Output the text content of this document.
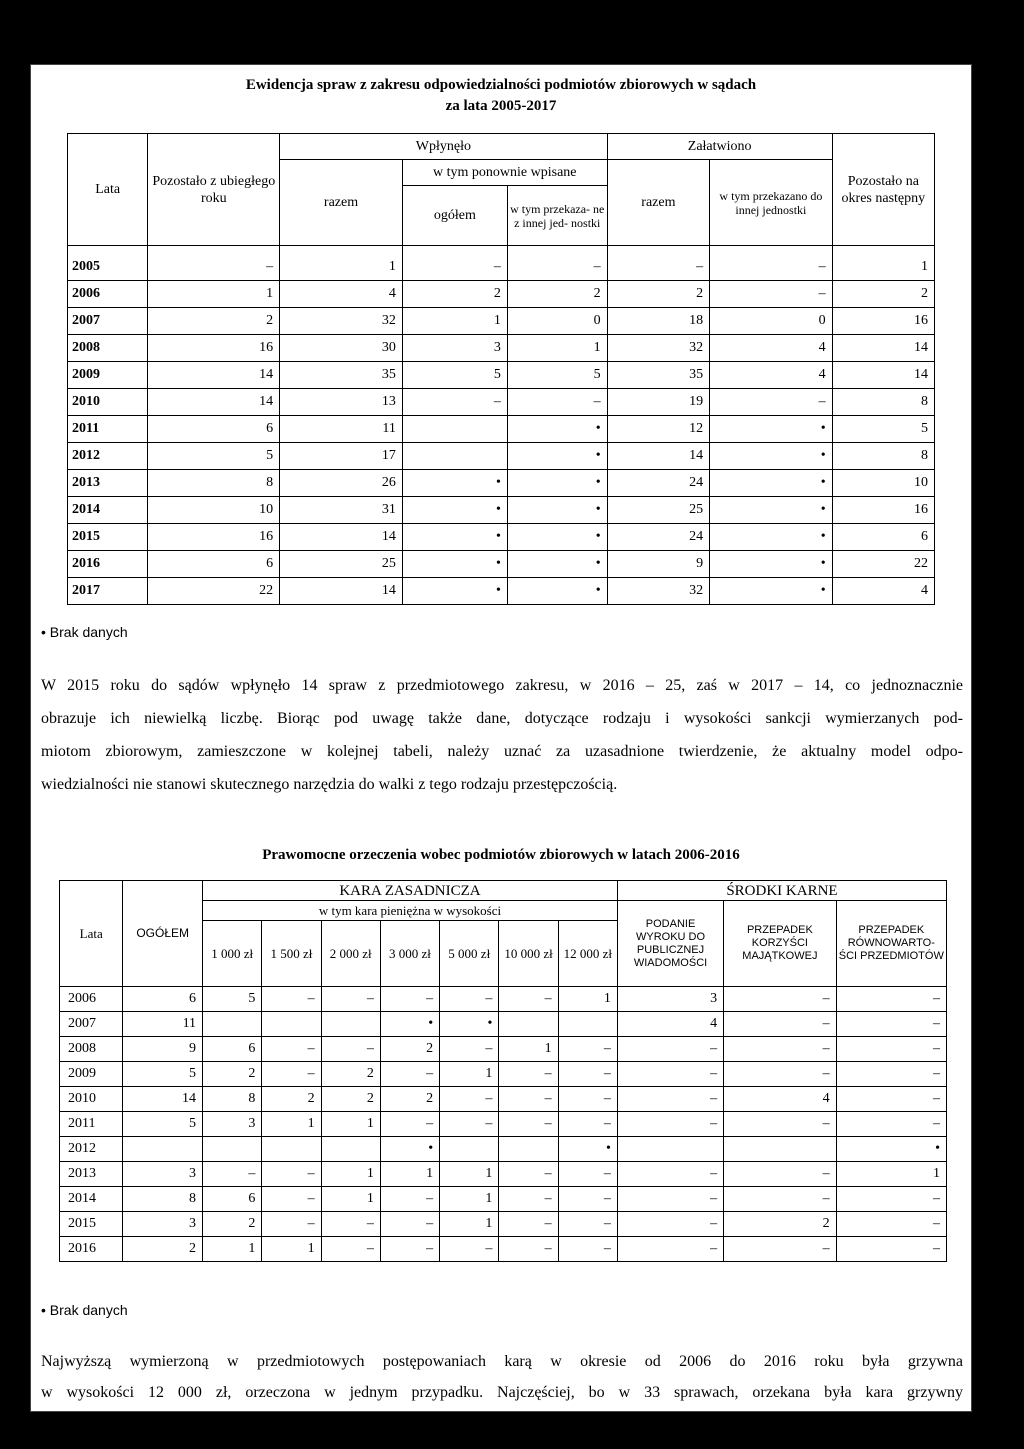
Ewidencja spraw z zakresu odpowiedzialności podmiotów zbiorowych w sądach
za lata 2005-2017
Lata	Pozostało z ubiegłego roku	Wpłynęło			Załatwiono		Pozostało na okres następny
		razem	w tym ponownie wpisane		razem	w tym przekazano do innej jednostki	
			ogółem	w tym przekaza- ne z innej jed- nostki			
2005	–	1	–	–	–	–	1
2006	1	4	2	2	2	–	2
2007	2	32	1	0	18	0	16
2008	16	30	3	1	32	4	14
2009	14	35	5	5	35	4	14
2010	14	13	–	–	19	–	8
2011	6	11		•	12	•	5
2012	5	17		•	14	•	8
2013	8	26	•	•	24	•	10
2014	10	31	•	•	25	•	16
2015	16	14	•	•	24	•	6
2016	6	25	•	•	9	•	22
2017	22	14	•	•	32	•	4
• Brak danych
W 2015 roku do sądów wpłynęło 14 spraw z przedmiotowego zakresu, w 2016 – 25, zaś w 2017 – 14, co jednoznacznie
obrazuje ich niewielką liczbę. Biorąc pod uwagę także dane, dotyczące rodzaju i wysokości sankcji wymierzanych pod-
miotom zbiorowym, zamieszczone w kolejnej tabeli, należy uznać za uzasadnione twierdzenie, że aktualny model odpo-
wiedzialności nie stanowi skutecznego narzędzia do walki z tego rodzaju przestępczością.
Prawomocne orzeczenia wobec podmiotów zbiorowych w latach 2006-2016
Lata	OGÓŁEM	KARA ZASADNICZA							ŚRODKI KARNE		
		w tym kara pieniężna w wysokości							PODANIE WYROKU DO PUBLICZNEJ WIADOMOŚCI	PRZEPADEK KORZYŚCI MAJĄTKOWEJ	PRZEPADEK RÓWNOWARTO- ŚCI PRZEDMIOTÓW
		1 000 zł	1 500 zł	2 000 zł	3 000 zł	5 000 zł	10 000 zł	12 000 zł			
2006	6	5	–	–	–	–	–	1	3	–	–
2007	11				•	•			4	–	–
2008	9	6	–	–	2	–	1	–	–	–	–
2009	5	2	–	2	–	1	–	–	–	–	–
2010	14	8	2	2	2	–	–	–	–	4	–
2011	5	3	1	1	–	–	–	–	–	–	–
2012					•			•			•
2013	3	–	–	1	1	1	–	–	–	–	1
2014	8	6	–	1	–	1	–	–	–	–	–
2015	3	2	–	–	–	1	–	–	–	2	–
2016	2	1	1	–	–	–	–	–	–	–	–
• Brak danych
Najwyższą wymierzoną w przedmiotowych postępowaniach karą w okresie od 2006 do 2016 roku była grzywna
w wysokości 12 000 zł, orzeczona w jednym przypadku. Najczęściej, bo w 33 sprawach, orzekana była kara grzywny
